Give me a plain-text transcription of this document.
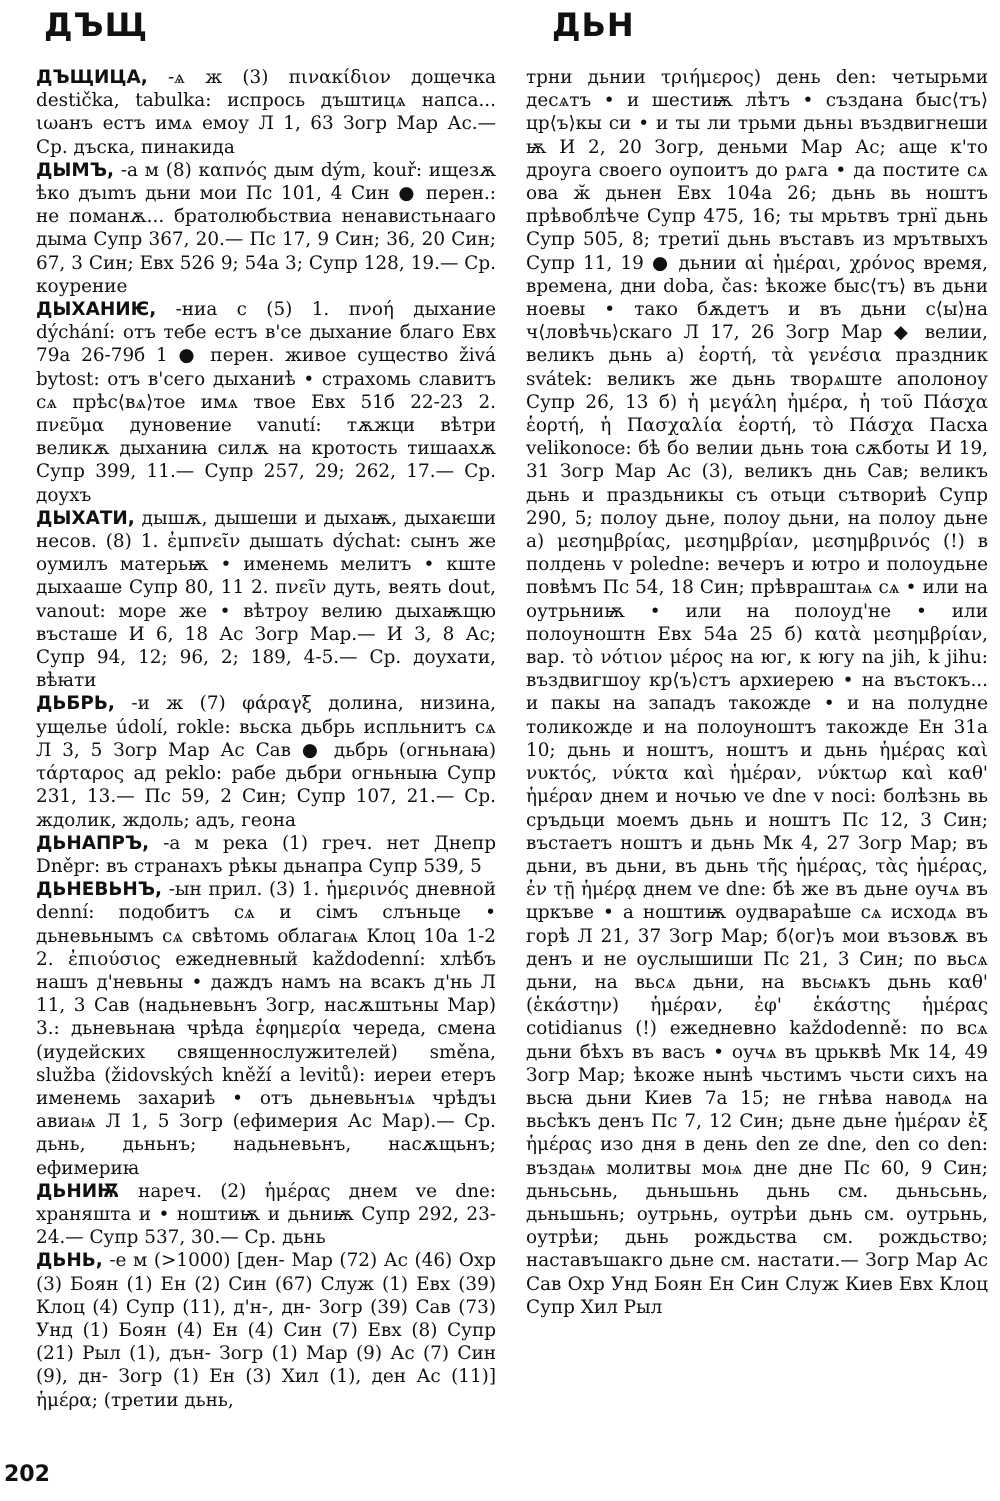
ДЪЩ	ДЬН

ДЪЩИЦА, -ѧ ж (3) πινακίδιον дощечка destička, tabulka: испроcь дъштицѧ напса... ιωанъ естъ имѧ емоу Л 1, 63 Зогр Мар Ас.— Ср. дъска, пинакида

ДЫМЪ, -а м (8) καπνός дым dým, kouř: ищезѫ ѣко дъımъ дьни мои Пс 101, 4 Син ● перен.: не поманѫ... братолюбьствиа ненавистьнааго дыма Супр 367, 20.— Пс 17, 9 Син; 36, 20 Син; 67, 3 Син; Евх 526 9; 54а 3; Супр 128, 19.— Ср. коурение

ДЫХАНИѤ, -ниа с (5) 1. πνοή дыхание dýchání: отъ тебе естъ в'се дыхание благо Евх 79а 26-79б 1 ● перен. живое существо živá bytost: отъ в'сего дыханиѣ • страхомь славитъ сѧ прѣс⟨вѧ⟩тое имѧ твое Евх 51б 22-23 2. πνεῦμα дуновение vanutí: тѫжци вѣтри великѫ дыханиꙗ силѫ на кротость тишаахѫ Супр 399, 11.— Супр 257, 29; 262, 17.— Ср. доухъ

ДЫХАТИ, дышѫ, дышеши и дыхаѭ, дыхаѥши несов. (8) 1. ἐμπνεῖν дышать dýchat: сынъ же оумилъ матерьѭ • именемь мелитъ • кште дыхааше Супр 80, 11 2. πνεῖν дуть, веять dout, vanout: море же • вѣтроу велию дыхаѭщю въсташе И 6, 18 Ас Зогр Мар.— И 3, 8 Ас; Супр 94, 12; 96, 2; 189, 4-5.— Ср. доуxати, вѣꙗти

ДЬБРЬ, -и ж (7) φάραγξ долина, низина, ущелье údolí, rokle: вьска дьбрь испльнитъ сѧ Л 3, 5 Зогр Мар Ас Сав ● дьбрь (огньнаꙗ) τάρταρος ад peklo: рабе дьбри огньныꙗ Супр 231, 13.— Пс 59, 2 Син; Супр 107, 21.— Ср. ждолик, ждоль; адъ, геона

ДЬНАПРЪ, -а м река (1) греч. нет Днепр Dněpr: въ странахъ рѣкы дьнапра Супр 539, 5

ДЬНЕВЬНЪ, -ын прил. (3) 1. ἡμερινός дневной denní: подобитъ сѧ и сімъ слъньце • дьневьнымъ сѧ свѣтомь облагаѩ Клоц 10а 1-2 2. ἐπιούσιος ежедневный každodenní: хлѣбъ нашъ д'невьны • даждъ намъ на всакъ д'нь Л 11, 3 Сав (надьневьнъ Зогр, насѫштьны Мар) 3.: дьневьнаꙗ чрѣда ἐφημερία череда, смена (иудейских священнослужителей) směna, služba (židovských kněží a levitů): иерeи етеръ именемь захариѣ • отъ дьневьнъıѧ чрѣдъı авиаѩ Л 1, 5 Зогр (ефимерия Ас Мар).— Ср. дьнь, дьньнъ; надьневьнъ, насѫщьнъ; ефимериꙗ

ДЬНИѬ нареч. (2) ἡμέρας днем ve dne: храняшта и • ноштиѭ и дьниѭ Супр 292, 23-24.— Супр 537, 30.— Ср. дьнь

ДЬНЬ, -е м (>1000) [ден- Мар (72) Ас (46) Охр (3) Боян (1) Ен (2) Син (67) Служ (1) Евх (39) Клоц (4) Супр (11), д'н-, дн- Зогр (39) Сав (73) Унд (1) Боян (4) Ен (4) Син (7) Евх (8) Супр (21) Рыл (1), дън- Зогр (1) Мар (9) Ас (7) Син (9), дн- Зогр (1) Ен (3) Хил (1), ден Ас (11)] ἡμέρα; (третии дьнь,

трни дьнии τριήμερος) день den: четырьми десѧтъ • и шестиѭ лѣтъ • създана быс⟨тъ⟩ цр⟨ъ⟩кы си • и ты ли трьми дьньı въздвигнеши ѭ И 2, 20 Зогр, деньми Мар Ас; аще к'то дроуга своего оупоитъ до рѧга • да постите сѧ ова ӂ дьнен Евх 104а 26; дьнь вь ноштъ прѣвоблѣче Супр 475, 16; ты мрьтвъ трнї дьнь Супр 505, 8; третиї дьнь въставъ из мрътвыхъ Супр 11, 19 ● дьнии αἱ ἡμέραι, χρόνος время, времена, дни doba, čas: ѣкоже быс⟨тъ⟩ въ дьни ноевы • тако бѫдетъ и въ дьни с⟨ы⟩на ч⟨ловѣчь⟩скаго Л 17, 26 Зогр Мар ◆ велии, великъ дьнь а) ἑορτή, τὰ γενέσια праздник svátek: великъ же дьнь творѧште аполоноу Супр 26, 13 б) ἡ μεγάλη ἡμέρα, ἡ τοῦ Πάσχα ἑορτή, ἡ Πασχαλία ἑορτή, τὸ Πάσχα Пасха velikonoce: бѣ бо велии дьнь тоꙗ сѫботы И 19, 31 Зогр Мар Ас (3), великъ днь Сав; великъ дьнь и праздьникы съ отьци сътвориѣ Супр 290, 5; полоу дьне, полоу дьни, на полоу дьне а) μεσημβρίας, μεσημβρίαν, μεσημβρινός (!) в полдень v poledne: вечеръ и ютро и полоудьне повѣмъ Пс 54, 18 Син; прѣвраштаѩ сѧ • или на оутрьниѭ • или на полоуд'не • или полоуноштн Евх 54а 25 б) κατὰ μεσημβρίαν, вар. τὸ νότιον μέρος на юг, к югу na jih, k jihu: въздвигшоу кр⟨ъ⟩стъ архиерею • на въстокъ... и пакы на западъ такожде • и на полудне толикожде и на полоуноштъ такожде Ен 31а 10; дьнь и ноштъ, ноштъ и дьнь ἡμέρας καὶ νυκτός, νύκτα καὶ ἡμέραν, νύκτωρ καὶ καθ' ἡμέραν днем и ночью ve dne v noci: болѣзнь вь сръдьци моемъ дьнь и ноштъ Пс 12, 3 Син; въстаетъ ноштъ и дьнь Мк 4, 27 Зогр Мар; въ дьни, въ дьни, въ дьнь τῆς ἡμέρας, τὰς ἡμέρας, ἐν τῇ ἡμέρᾳ днем ve dne: бѣ же въ дьне оучѧ въ цркъве • а ноштиѭ оудвараѣше сѧ исходѧ въ горѣ Л 21, 37 Зогр Мар; б⟨ог⟩ъ мои възовѫ въ денъ и не оуслышиши Пс 21, 3 Син; по вьсѧ дьни, на вьсѧ дьни, на вьсѩкъ дьнь καθ' (ἑκάστην) ἡμέραν, ἐφ' ἑκάστης ἡμέρας cotidianus (!) ежедневно každodenně: по всѧ дьни бѣхъ въ васъ • оучѧ въ црьквѣ Мк 14, 49 Зогр Мар; ѣкоже нынѣ чьстимъ чьсти сихъ на вьсꙗ дьни Киев 7а 15; не гнѣва наводѧ на вьсѣкъ денъ Пс 7, 12 Син; дьне дьне ἡμέραν ἐξ ἡμέρας изо дня в день den ze dne, den co den: въздаѩ молитвы моѩ дне дне Пс 60, 9 Син; дьньсьнь, дьньшьнь дьнь см. дьньсьнь, дьньшьнь; оутрьнь, оутрѣи дьнь см. оутрьнь, оутрѣи; дьнь рождьства см. рождьство; наставъшакго дьне см. настати.— Зогр Мар Ас Сав Охр Унд Боян Ен Син Служ Киев Евх Клоц Супр Хил Рыл

202
